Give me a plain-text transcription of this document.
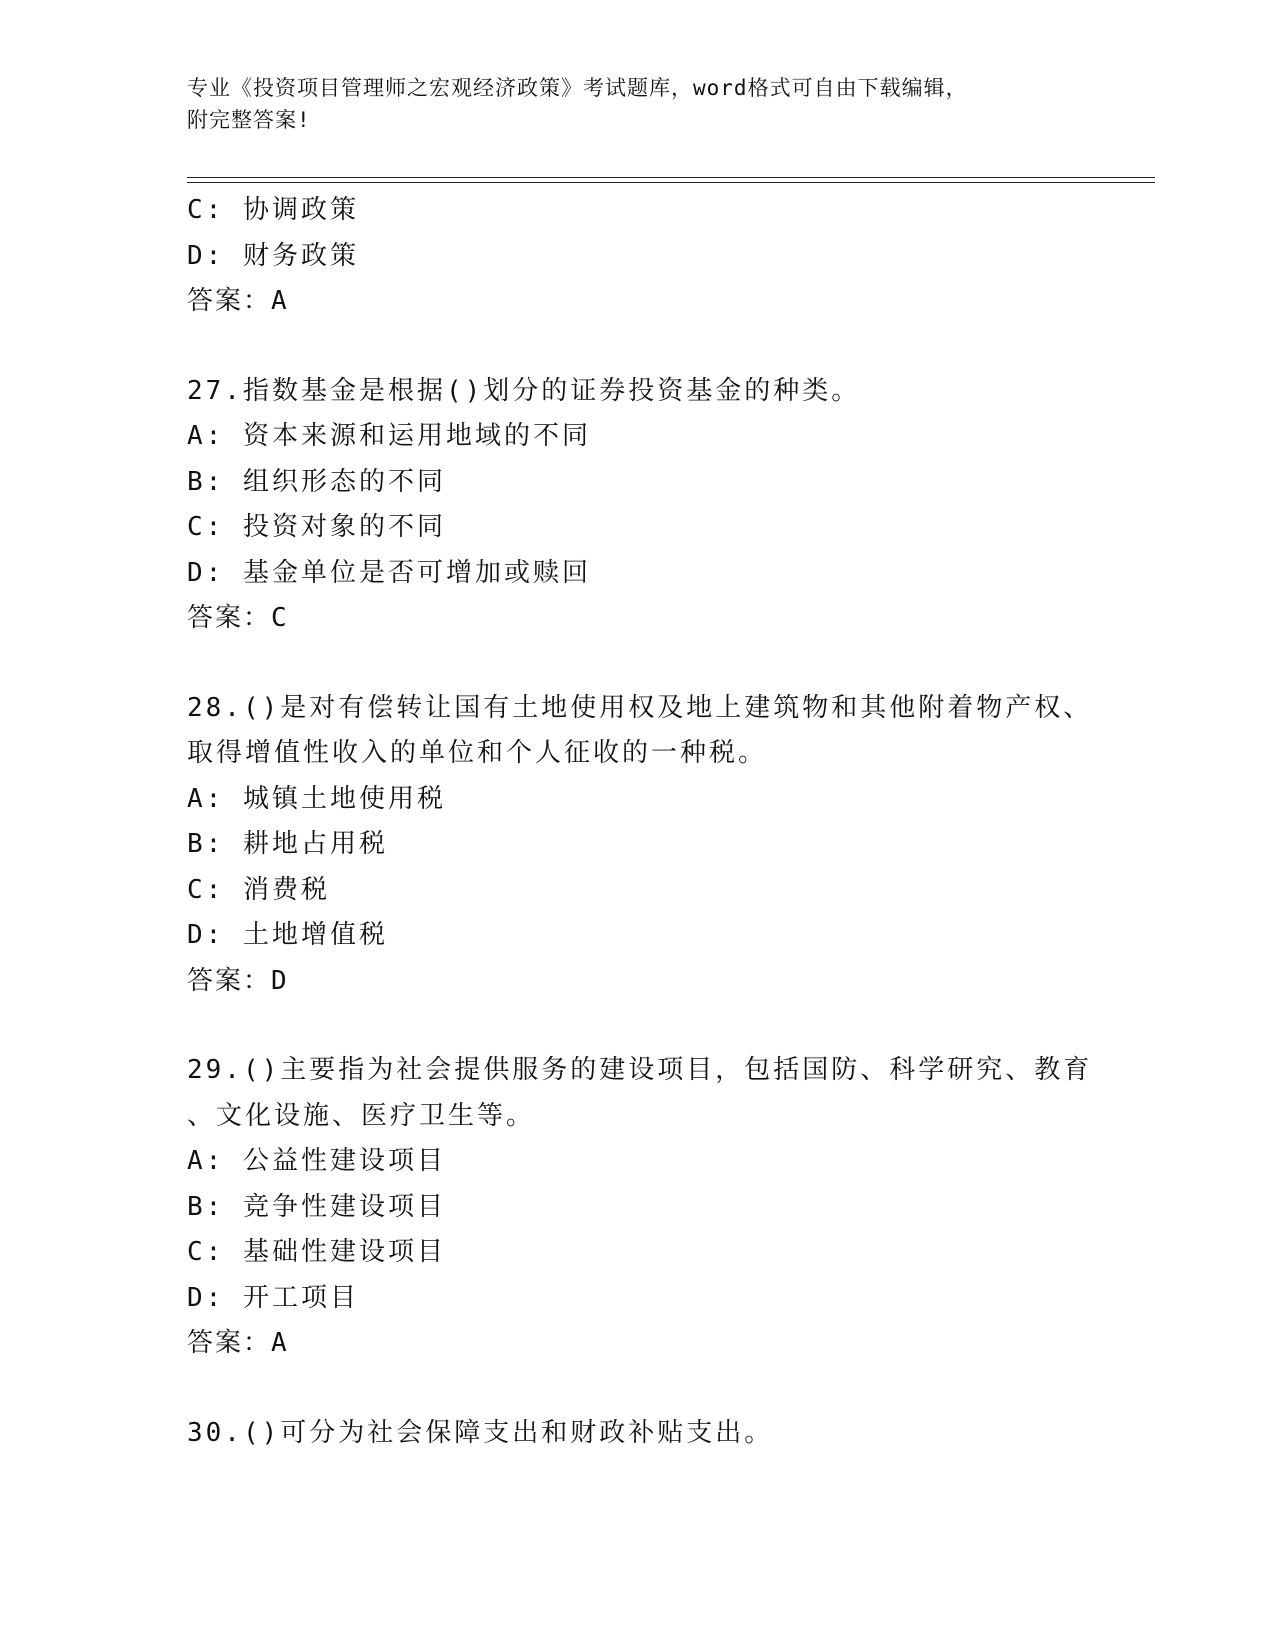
专业《投资项目管理师之宏观经济政策》考试题库，word格式可自由下载编辑，
附完整答案!
C: 协调政策
D: 财务政策
答案：A
27.指数基金是根据()划分的证券投资基金的种类。
A: 资本来源和运用地域的不同
B: 组织形态的不同
C: 投资对象的不同
D: 基金单位是否可增加或赎回
答案：C
28.()是对有偿转让国有土地使用权及地上建筑物和其他附着物产权、
取得增值性收入的单位和个人征收的一种税。
A: 城镇土地使用税
B: 耕地占用税
C: 消费税
D: 土地增值税
答案：D
29.()主要指为社会提供服务的建设项目，包括国防、科学研究、教育
、文化设施、医疗卫生等。
A: 公益性建设项目
B: 竞争性建设项目
C: 基础性建设项目
D: 开工项目
答案：A
30.()可分为社会保障支出和财政补贴支出。
